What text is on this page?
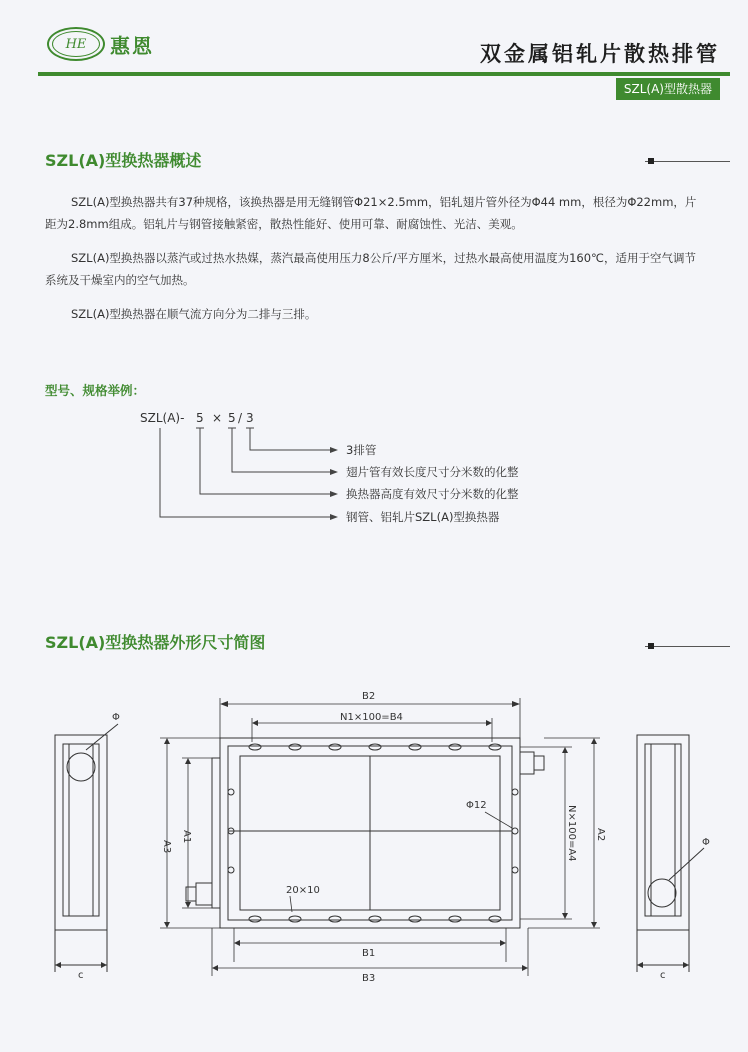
HE	惠恩	双金属铝轧片散热排管
SZL(A)型散热器
SZL(A)型换热器概述

SZL(A)型换热器共有37种规格，该换热器是用无缝钢管Φ21×2.5mm，铝轧翅片管外径为Φ44 mm，根径为Φ22mm，片距为2.8mm组成。铝轧片与钢管接触紧密，散热性能好、使用可靠、耐腐蚀性、光洁、美观。

SZL(A)型换热器以蒸汽或过热水热媒，蒸汽最高使用压力8公斤/平方厘米，过热水最高使用温度为160℃，适用于空气调节系统及干燥室内的空气加热。

SZL(A)型换热器在顺气流方向分为二排与三排。

型号、规格举例：
SZL(A)- 5 × 5 / 3
3排管
翅片管有效长度尺寸分米数的化整
换热器高度有效尺寸分米数的化整
钢管、铝轧片SZL(A)型换热器
SZL(A)型换热器外形尺寸简图
B2
N1×100=B4
B1
B3
Φ12
20×10
Φ
Φ
c	c
A3
A1	N×100=A4 A2
